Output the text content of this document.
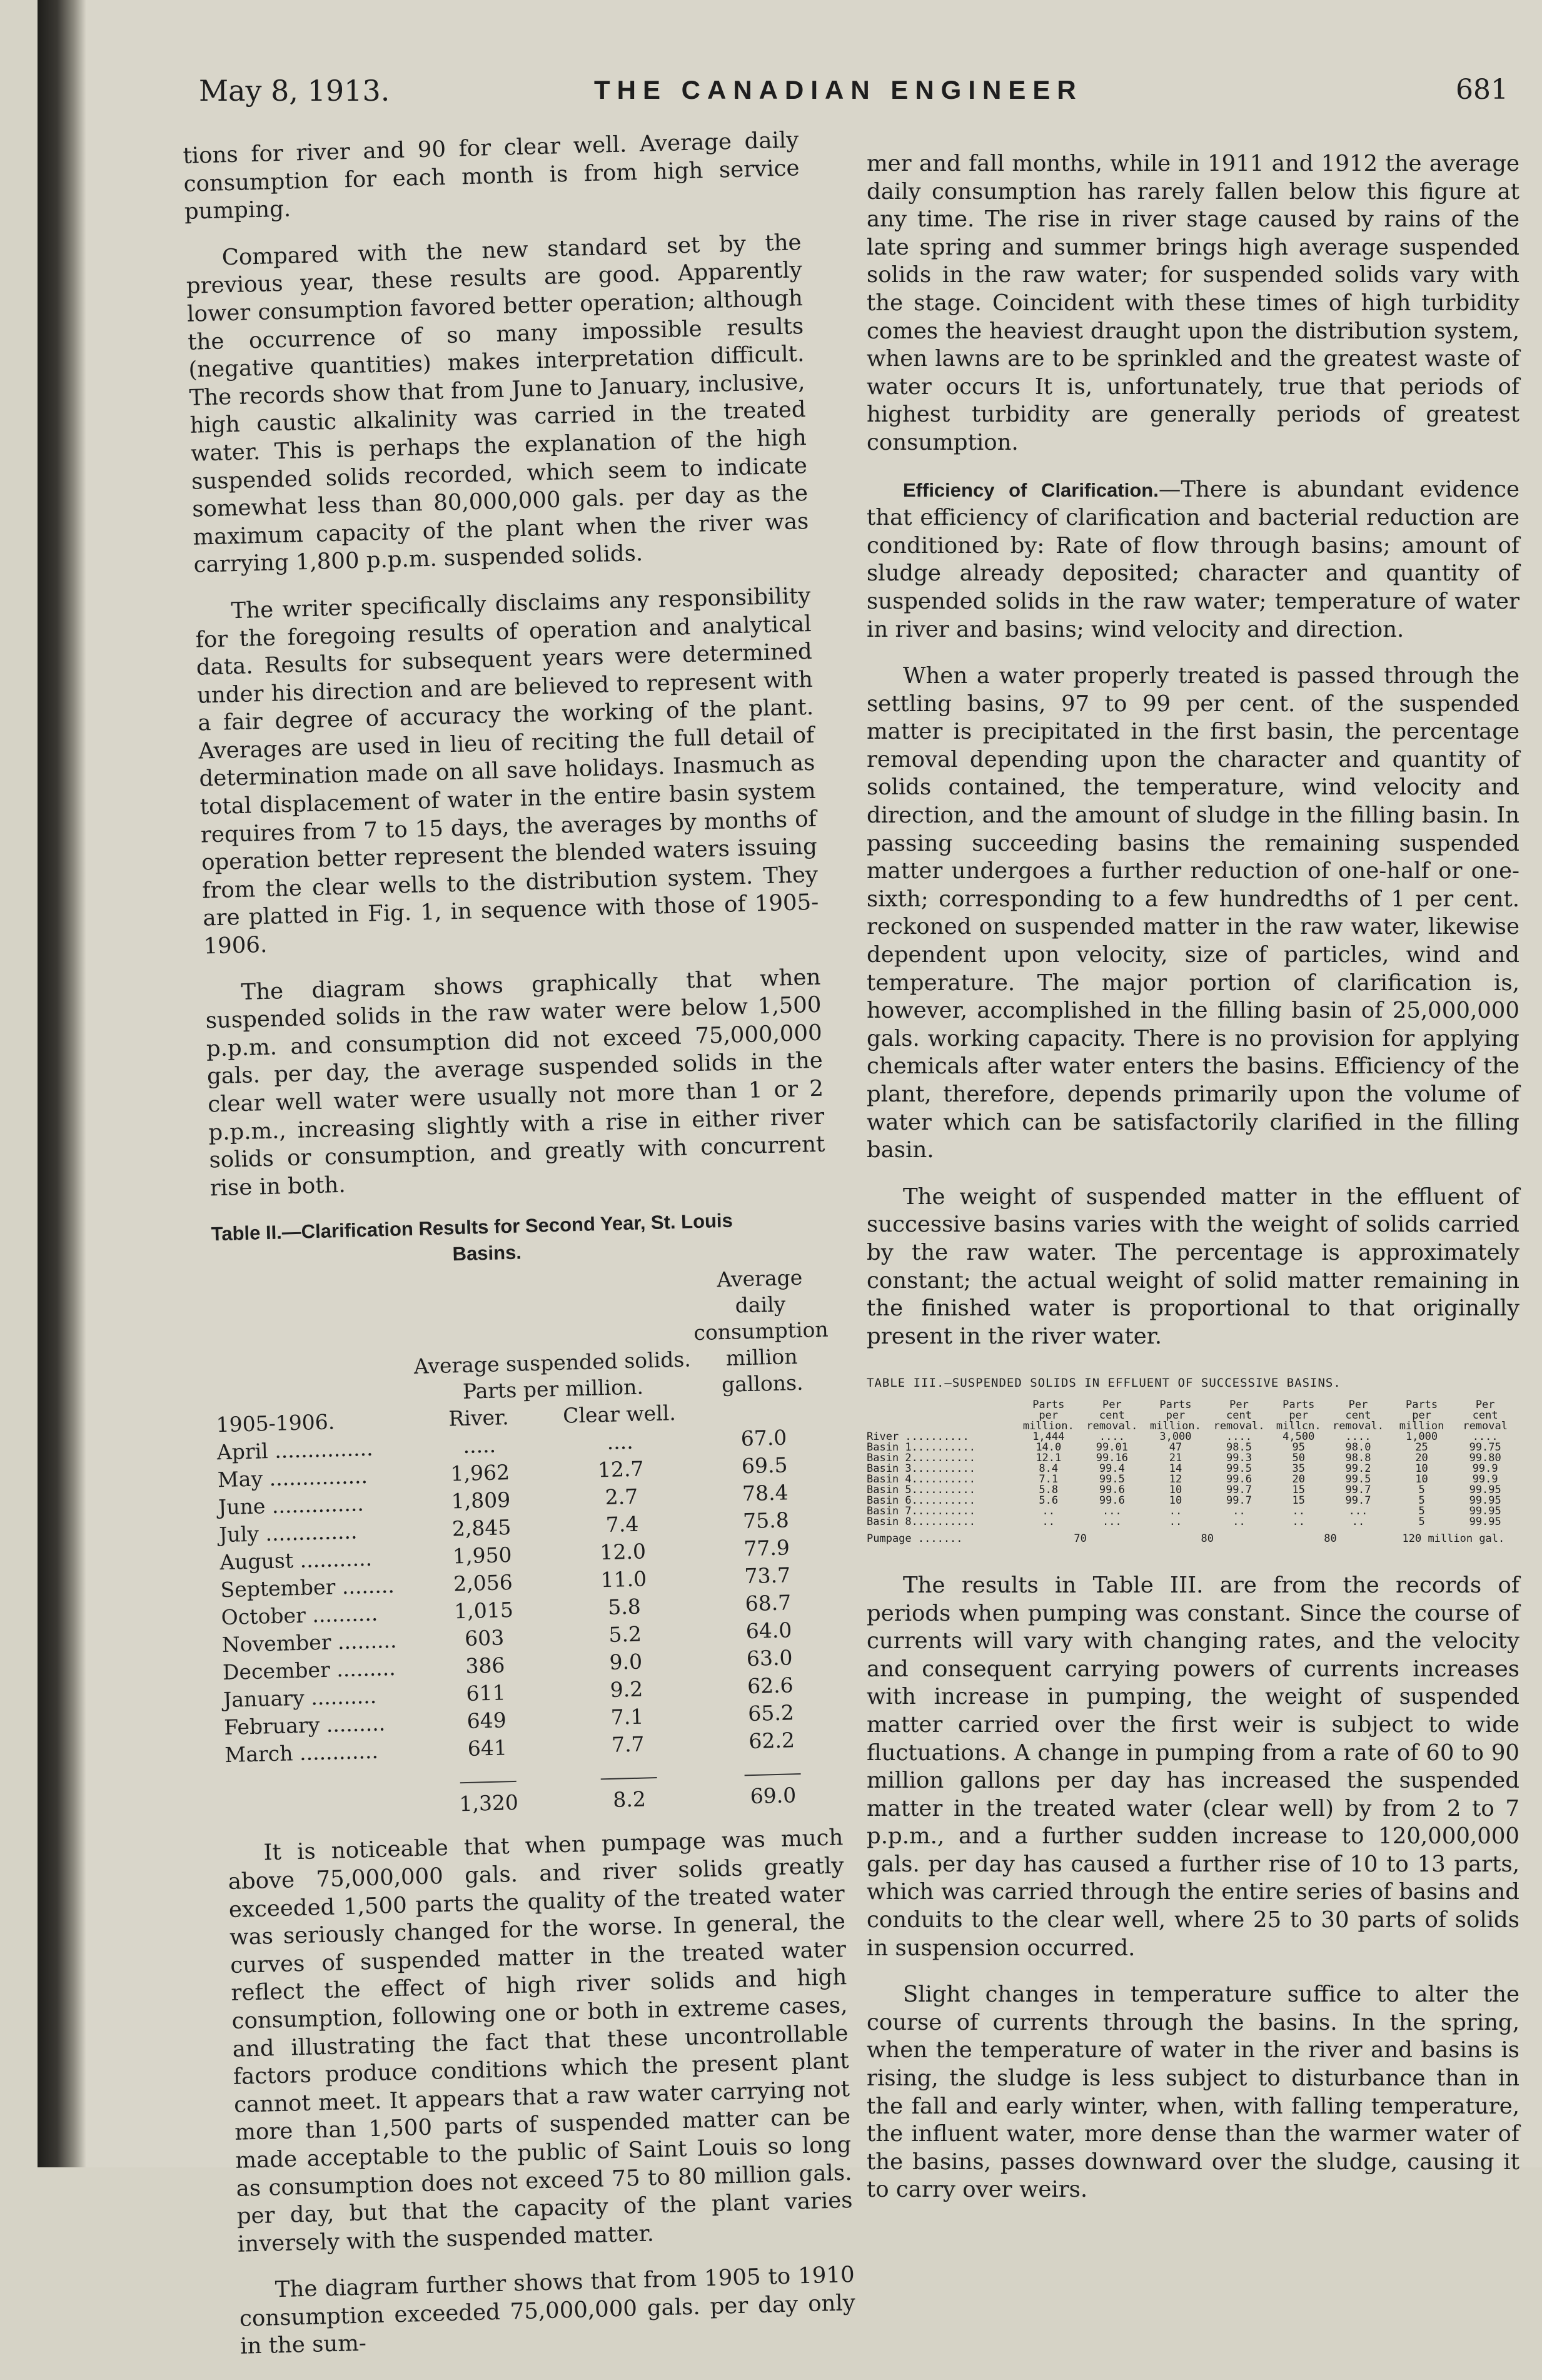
May 8, 1913.	THE CANADIAN ENGINEER	681

tions for river and 90 for clear well. Average daily consumption for each month is from high service pumping.

Compared with the new standard set by the previous year, these results are good. Apparently lower consumption favored better operation; although the occurrence of so many impossible results (negative quantities) makes interpretation difficult. The records show that from June to January, inclusive, high caustic alkalinity was carried in the treated water. This is perhaps the explanation of the high suspended solids recorded, which seem to indicate somewhat less than 80,000,000 gals. per day as the maximum capacity of the plant when the river was carrying 1,800 p.p.m. suspended solids.

The writer specifically disclaims any responsibility for the foregoing results of operation and analytical data. Results for subsequent years were determined under his direction and are believed to represent with a fair degree of accuracy the working of the plant. Averages are used in lieu of reciting the full detail of determination made on all save holidays. Inasmuch as total displacement of water in the entire basin system requires from 7 to 15 days, the averages by months of operation better represent the blended waters issuing from the clear wells to the distribution system. They are platted in Fig. 1, in sequence with those of 1905-1906.

The diagram shows graphically that when suspended solids in the raw water were below 1,500 p.p.m. and consumption did not exceed 75,000,000 gals. per day, the average suspended solids in the clear well water were usually not more than 1 or 2 p.p.m., increasing slightly with a rise in either river solids or consumption, and greatly with concurrent rise in both.

Table II.—Clarification Results for Second Year, St. Louis
Basins.

	Average suspended solids.
Parts per million.		Average daily consumption million gallons.
1905-1906.	River.	Clear well.	
April ...............	.....	....	67.0
May ...............	1,962	12.7	69.5
June ..............	1,809	2.7	78.4
July ..............	2,845	7.4	75.8
August ...........	1,950	12.0	77.9
September ........	2,056	11.0	73.7
October ..........	1,015	5.8	68.7
November .........	603	5.2	64.0
December .........	386	9.0	63.0
January ..........	611	9.2	62.6
February .........	649	7.1	65.2
March ............	641	7.7	62.2

	1,320	8.2	69.0

It is noticeable that when pumpage was much above 75,000,000 gals. and river solids greatly exceeded 1,500 parts the quality of the treated water was seriously changed for the worse. In general, the curves of suspended matter in the treated water reflect the effect of high river solids and high consumption, following one or both in extreme cases, and illustrating the fact that these uncontrollable factors produce conditions which the present plant cannot meet. It appears that a raw water carrying not more than 1,500 parts of suspended matter can be made acceptable to the public of Saint Louis so long as consumption does not exceed 75 to 80 million gals. per day, but that the capacity of the plant varies inversely with the suspended matter.

The diagram further shows that from 1905 to 1910 consumption exceeded 75,000,000 gals. per day only in the sum-

mer and fall months, while in 1911 and 1912 the average daily consumption has rarely fallen below this figure at any time. The rise in river stage caused by rains of the late spring and summer brings high average suspended solids in the raw water; for suspended solids vary with the stage. Coincident with these times of high turbidity comes the heaviest draught upon the distribution system, when lawns are to be sprinkled and the greatest waste of water occurs It is, unfortunately, true that periods of highest turbidity are generally periods of greatest consumption.

Efficiency of Clarification.—There is abundant evidence that efficiency of clarification and bacterial reduction are conditioned by: Rate of flow through basins; amount of sludge already deposited; character and quantity of suspended solids in the raw water; temperature of water in river and basins; wind velocity and direction.

When a water properly treated is passed through the settling basins, 97 to 99 per cent. of the suspended matter is precipitated in the first basin, the percentage removal depending upon the character and quantity of solids contained, the temperature, wind velocity and direction, and the amount of sludge in the filling basin. In passing succeeding basins the remaining suspended matter undergoes a further reduction of one-half or one-sixth; corresponding to a few hundredths of 1 per cent. reckoned on suspended matter in the raw water, likewise dependent upon velocity, size of particles, wind and temperature. The major portion of clarification is, however, accomplished in the filling basin of 25,000,000 gals. working capacity. There is no provision for applying chemicals after water enters the basins. Efficiency of the plant, therefore, depends primarily upon the volume of water which can be satisfactorily clarified in the filling basin.

The weight of suspended matter in the effluent of successive basins varies with the weight of solids carried by the raw water. The percentage is approximately constant; the actual weight of solid matter remaining in the finished water is proportional to that originally present in the river water.

TABLE III.—SUSPENDED SOLIDS IN EFFLUENT OF SUCCESSIVE BASINS.
	Parts	Per	Parts	Per	Parts	Per	Parts	Per
	per	cent	per	cent	per	cent	per	cent
	million.	removal.	million.	removal.	millcn.	removal.	million	removal
River ..........	1,444	....	3,000	....	4,500	....	1,000	....
Basin 1..........	14.0	99.01	47	98.5	95	98.0	25	99.75
Basin 2..........	12.1	99.16	21	99.3	50	98.8	20	99.80
Basin 3..........	8.4	99.4	14	99.5	35	99.2	10	99.9
Basin 4..........	7.1	99.5	12	99.6	20	99.5	10	99.9
Basin 5..........	5.8	99.6	10	99.7	15	99.7	5	99.95
Basin 6..........	5.6	99.6	10	99.7	15	99.7	5	99.95
Basin 7..........	..	...	..	..	..	...	5	99.95
Basin 8..........	..	...	..	..	..	..	5	99.95

Pumpage .......	70		80		80		120 million gal.	

The results in Table III. are from the records of periods when pumping was constant. Since the course of currents will vary with changing rates, and the velocity and consequent carrying powers of currents increases with increase in pumping, the weight of suspended matter carried over the first weir is subject to wide fluctuations. A change in pumping from a rate of 60 to 90 million gallons per day has increased the suspended matter in the treated water (clear well) by from 2 to 7 p.p.m., and a further sudden increase to 120,000,000 gals. per day has caused a further rise of 10 to 13 parts, which was carried through the entire series of basins and conduits to the clear well, where 25 to 30 parts of solids in suspension occurred.

Slight changes in temperature suffice to alter the course of currents through the basins. In the spring, when the temperature of water in the river and basins is rising, the sludge is less subject to disturbance than in the fall and early winter, when, with falling temperature, the influent water, more dense than the warmer water of the basins, passes downward over the sludge, causing it to carry over weirs.
